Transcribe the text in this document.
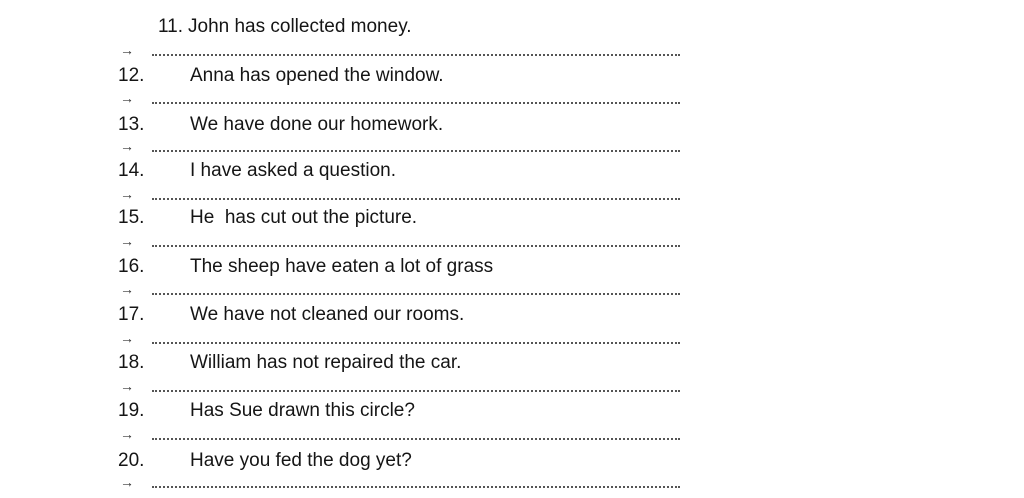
11. John has collected money.
→
12. Anna has opened the window.
→
13. We have done our homework.
→
14. I have asked a question.
→
15. He  has cut out the picture.
→
16. The sheep have eaten a lot of grass
→
17. We have not cleaned our rooms.
→
18. William has not repaired the car.
→
19. Has Sue drawn this circle?
→
20. Have you fed the dog yet?
→
